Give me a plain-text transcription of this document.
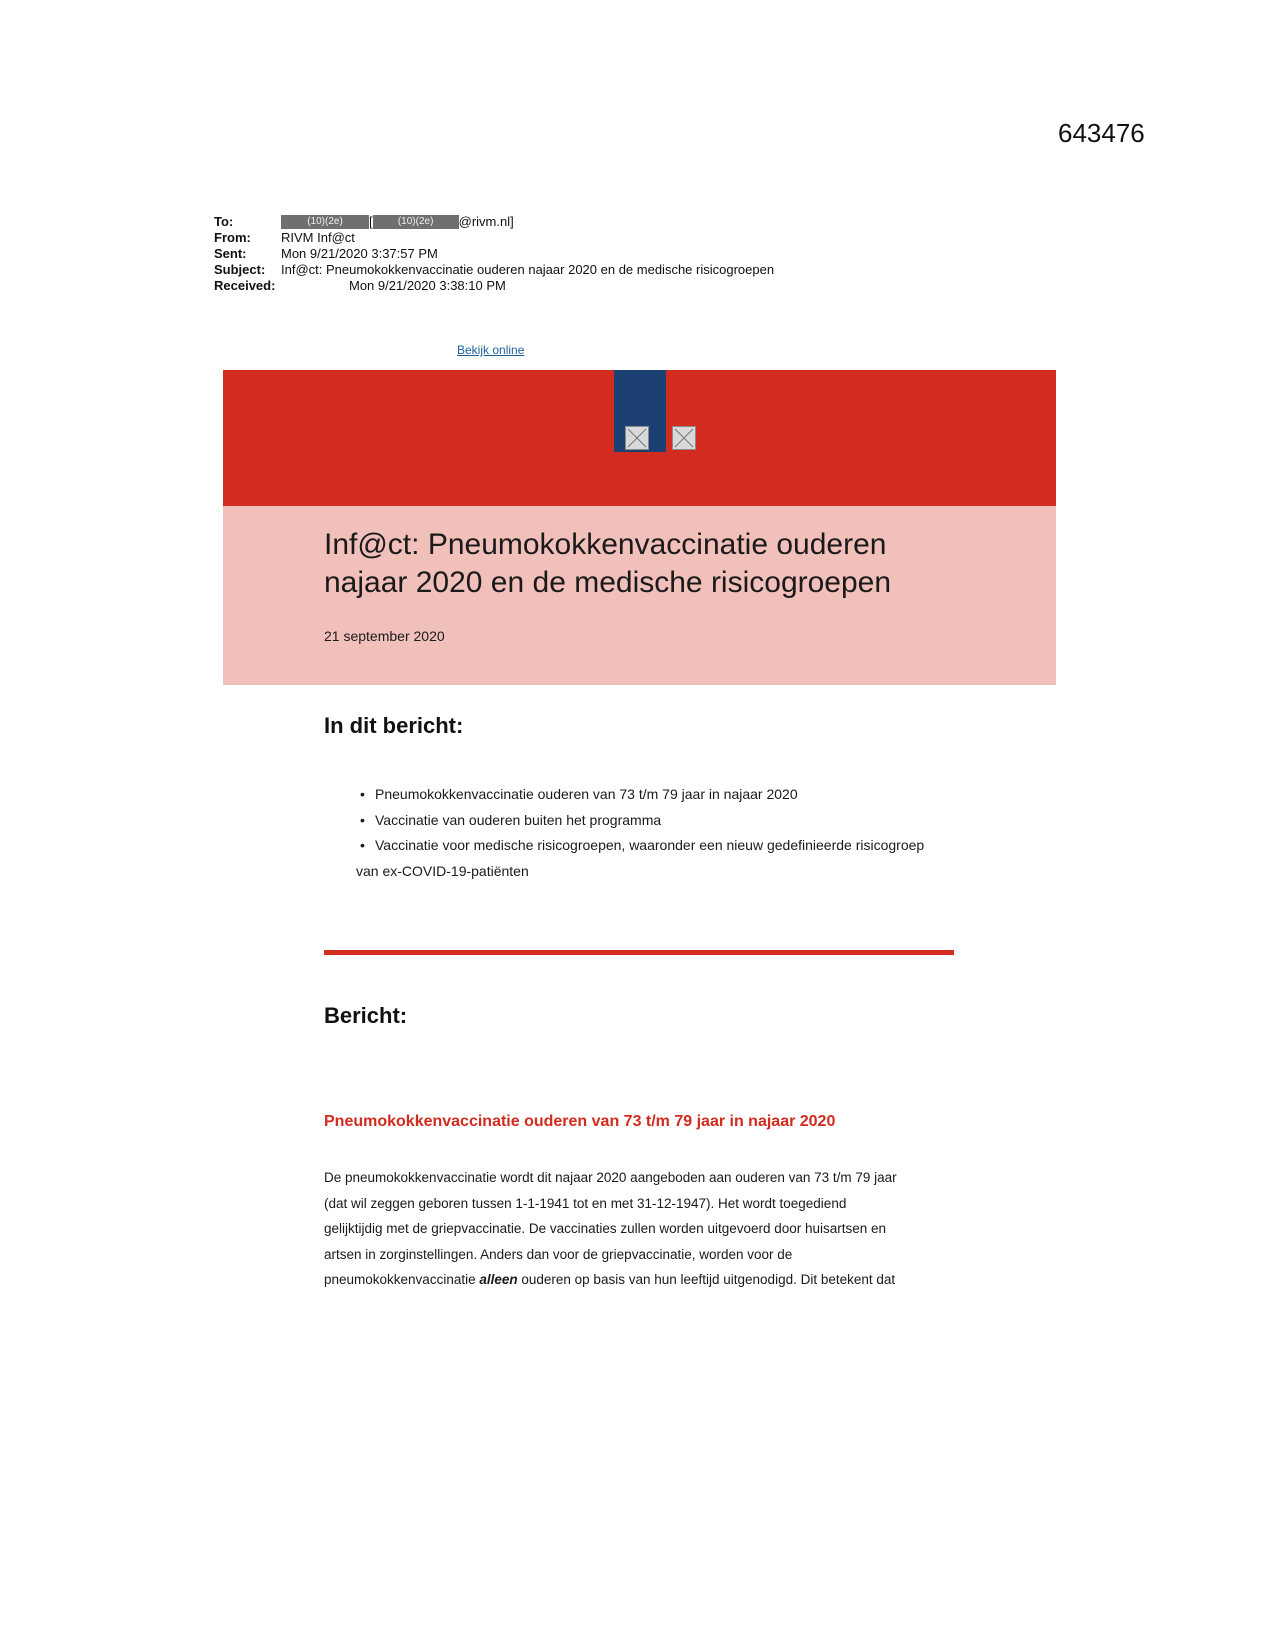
643476
To:	(10)(2e)	[	(10)(2e)	@rivm.nl]
From:	RIVM Inf@ct
Sent:	Mon 9/21/2020 3:37:57 PM
Subject:	Inf@ct: Pneumokokkenvaccinatie ouderen najaar 2020 en de medische risicogroepen
Received:	Mon 9/21/2020 3:38:10 PM
Bekijk online
Inf@ct: Pneumokokkenvaccinatie ouderen
najaar 2020 en de medische risicogroepen
21 september 2020
In dit bericht:
• Pneumokokkenvaccinatie ouderen van 73 t/m 79 jaar in najaar 2020
• Vaccinatie van ouderen buiten het programma
• Vaccinatie voor medische risicogroepen, waaronder een nieuw gedefinieerde risicogroep
van ex-COVID-19-patiënten
Bericht:
Pneumokokkenvaccinatie ouderen van 73 t/m 79 jaar in najaar 2020
De pneumokokkenvaccinatie wordt dit najaar 2020 aangeboden aan ouderen van 73 t/m 79 jaar
(dat wil zeggen geboren tussen 1-1-1941 tot en met 31-12-1947). Het wordt toegediend
gelijktijdig met de griepvaccinatie. De vaccinaties zullen worden uitgevoerd door huisartsen en
artsen in zorginstellingen. Anders dan voor de griepvaccinatie, worden voor de
pneumokokkenvaccinatie alleen ouderen op basis van hun leeftijd uitgenodigd. Dit betekent dat
